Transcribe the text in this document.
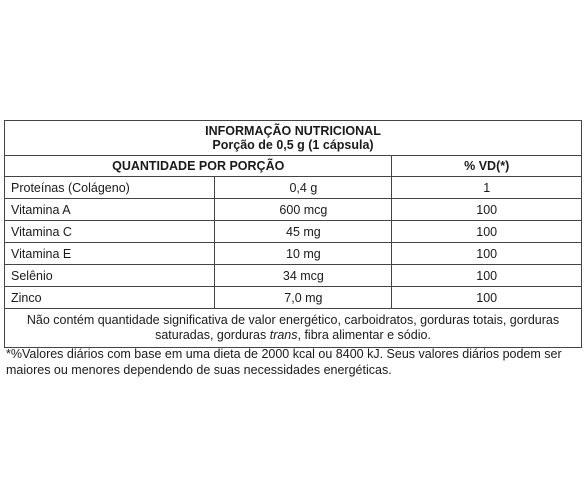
INFORMAÇÃO NUTRICIONAL
Porção de 0,5 g (1 cápsula)		

QUANTIDADE POR PORÇÃO		% VD(*)
Proteínas (Colágeno)	0,4 g	1
Vitamina A	600 mcg	100
Vitamina C	45 mg	100
Vitamina E	10 mg	100
Selênio	34 mcg	100
Zinco	7,0 mg	100
Não contém quantidade significativa de valor energético, carboidratos, gorduras totais, gorduras saturadas, gorduras trans, fibra alimentar e sódio.		
*%Valores diários com base em uma dieta de 2000 kcal ou 8400 kJ. Seus valores diários podem ser maiores ou menores dependendo de suas necessidades energéticas.
